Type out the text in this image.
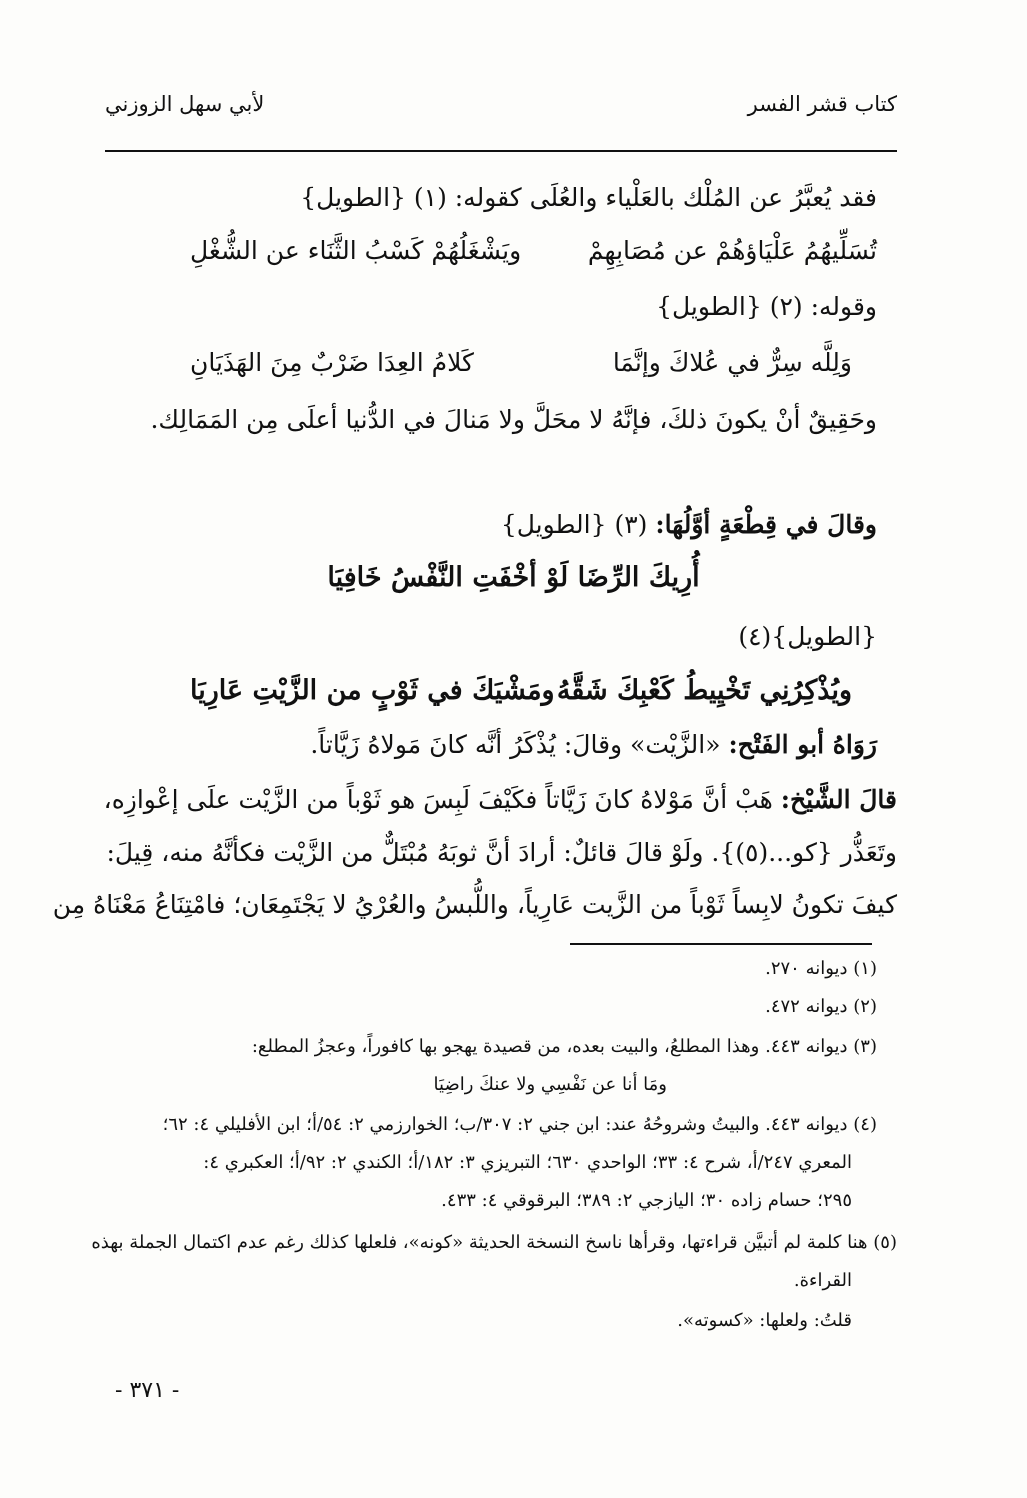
كتاب قشر الفسر
لأبي سهل الزوزني
فقد يُعبَّرُ عن المُلْك بالعَلْياء والعُلَى كقوله: (١) {الطويل}
تُسَلِّيهُمُ عَلْيَاؤهُمْ عن مُصَابِهِمْ
ويَشْغَلُهُمْ كَسْبُ الثَّنَاء عن الشُّغْلِ
وقوله: (٢) {الطويل}
وَلِلَّه سِرٌّ في عُلاكَ وإنَّمَا
كَلامُ العِدَا ضَرْبٌ مِنَ الهَذَيَانِ
وحَقِيقٌ أنْ يكونَ ذلكَ، فإنَّهُ لا محَلَّ ولا مَنالَ في الدُّنيا أعلَى مِن المَمَالِك.
وقالَ في قِطْعَةٍ أوَّلُهَا: (٣) {الطويل}
أُرِيكَ الرِّضَا لَوْ أخْفَتِ النَّفْسُ خَافِيَا
{الطويل}(٤)
ويُذْكِرُنِي تَخْيِيطُ كَعْبِكَ شَقَّهُ
ومَشْيَكَ في ثَوْبٍ من الزَّيْتِ عَارِيَا
رَوَاهُ أبو الفَتْح: «الزَّيْت» وقالَ: يُذْكَرُ أنَّه كانَ مَولاهُ زَيَّاتاً.
قالَ الشَّيْخ: هَبْ أنَّ مَوْلاهُ كانَ زَيَّاتاً فكَيْفَ لَبِسَ هو ثَوْباً من الزَّيْت علَى إعْوازِه،
وتَعَذُّر {كو...(٥)}. ولَوْ قالَ قائلٌ: أرادَ أنَّ ثوبَهُ مُبْتَلٌّ من الزَّيْت فكأنَّهُ منه، قِيلَ:
كيفَ تكونُ لابِساً ثَوْباً من الزَّيت عَارِياً، واللُّبسُ والعُرْيُ لا يَجْتَمِعَان؛ فامْتِنَاعُ مَعْنَاهُ مِن
(١) ديوانه ٢٧٠.
(٢) ديوانه ٤٧٢.
(٣) ديوانه ٤٤٣. وهذا المطلعُ، والبيت بعده، من قصيدة يهجو بها كافوراً، وعجزُ المطلع:
ومَا أنا عن نَفْسِي ولا عنكَ راضِيَا
(٤) ديوانه ٤٤٣. والبيتُ وشروحُهُ عند: ابن جني ٢: ٣٠٧/ب؛ الخوارزمي ٢: ٥٤/أ؛ ابن الأفليلي ٤: ٦٢؛
المعري ٢٤٧/أ، شرح ٤: ٣٣؛ الواحدي ٦٣٠؛ التبريزي ٣: ١٨٢/أ؛ الكندي ٢: ٩٢/أ؛ العكبري ٤:
٢٩٥؛ حسام زاده ٣٠؛ اليازجي ٢: ٣٨٩؛ البرقوقي ٤: ٤٣٣.
(٥) هنا كلمة لم أتبيَّن قراءتها، وقرأها ناسخ النسخة الحديثة «كونه»، فلعلها كذلك رغم عدم اكتمال الجملة بهذه
القراءة.
قلتُ: ولعلها: «كسوته».
- ٣٧١ -
